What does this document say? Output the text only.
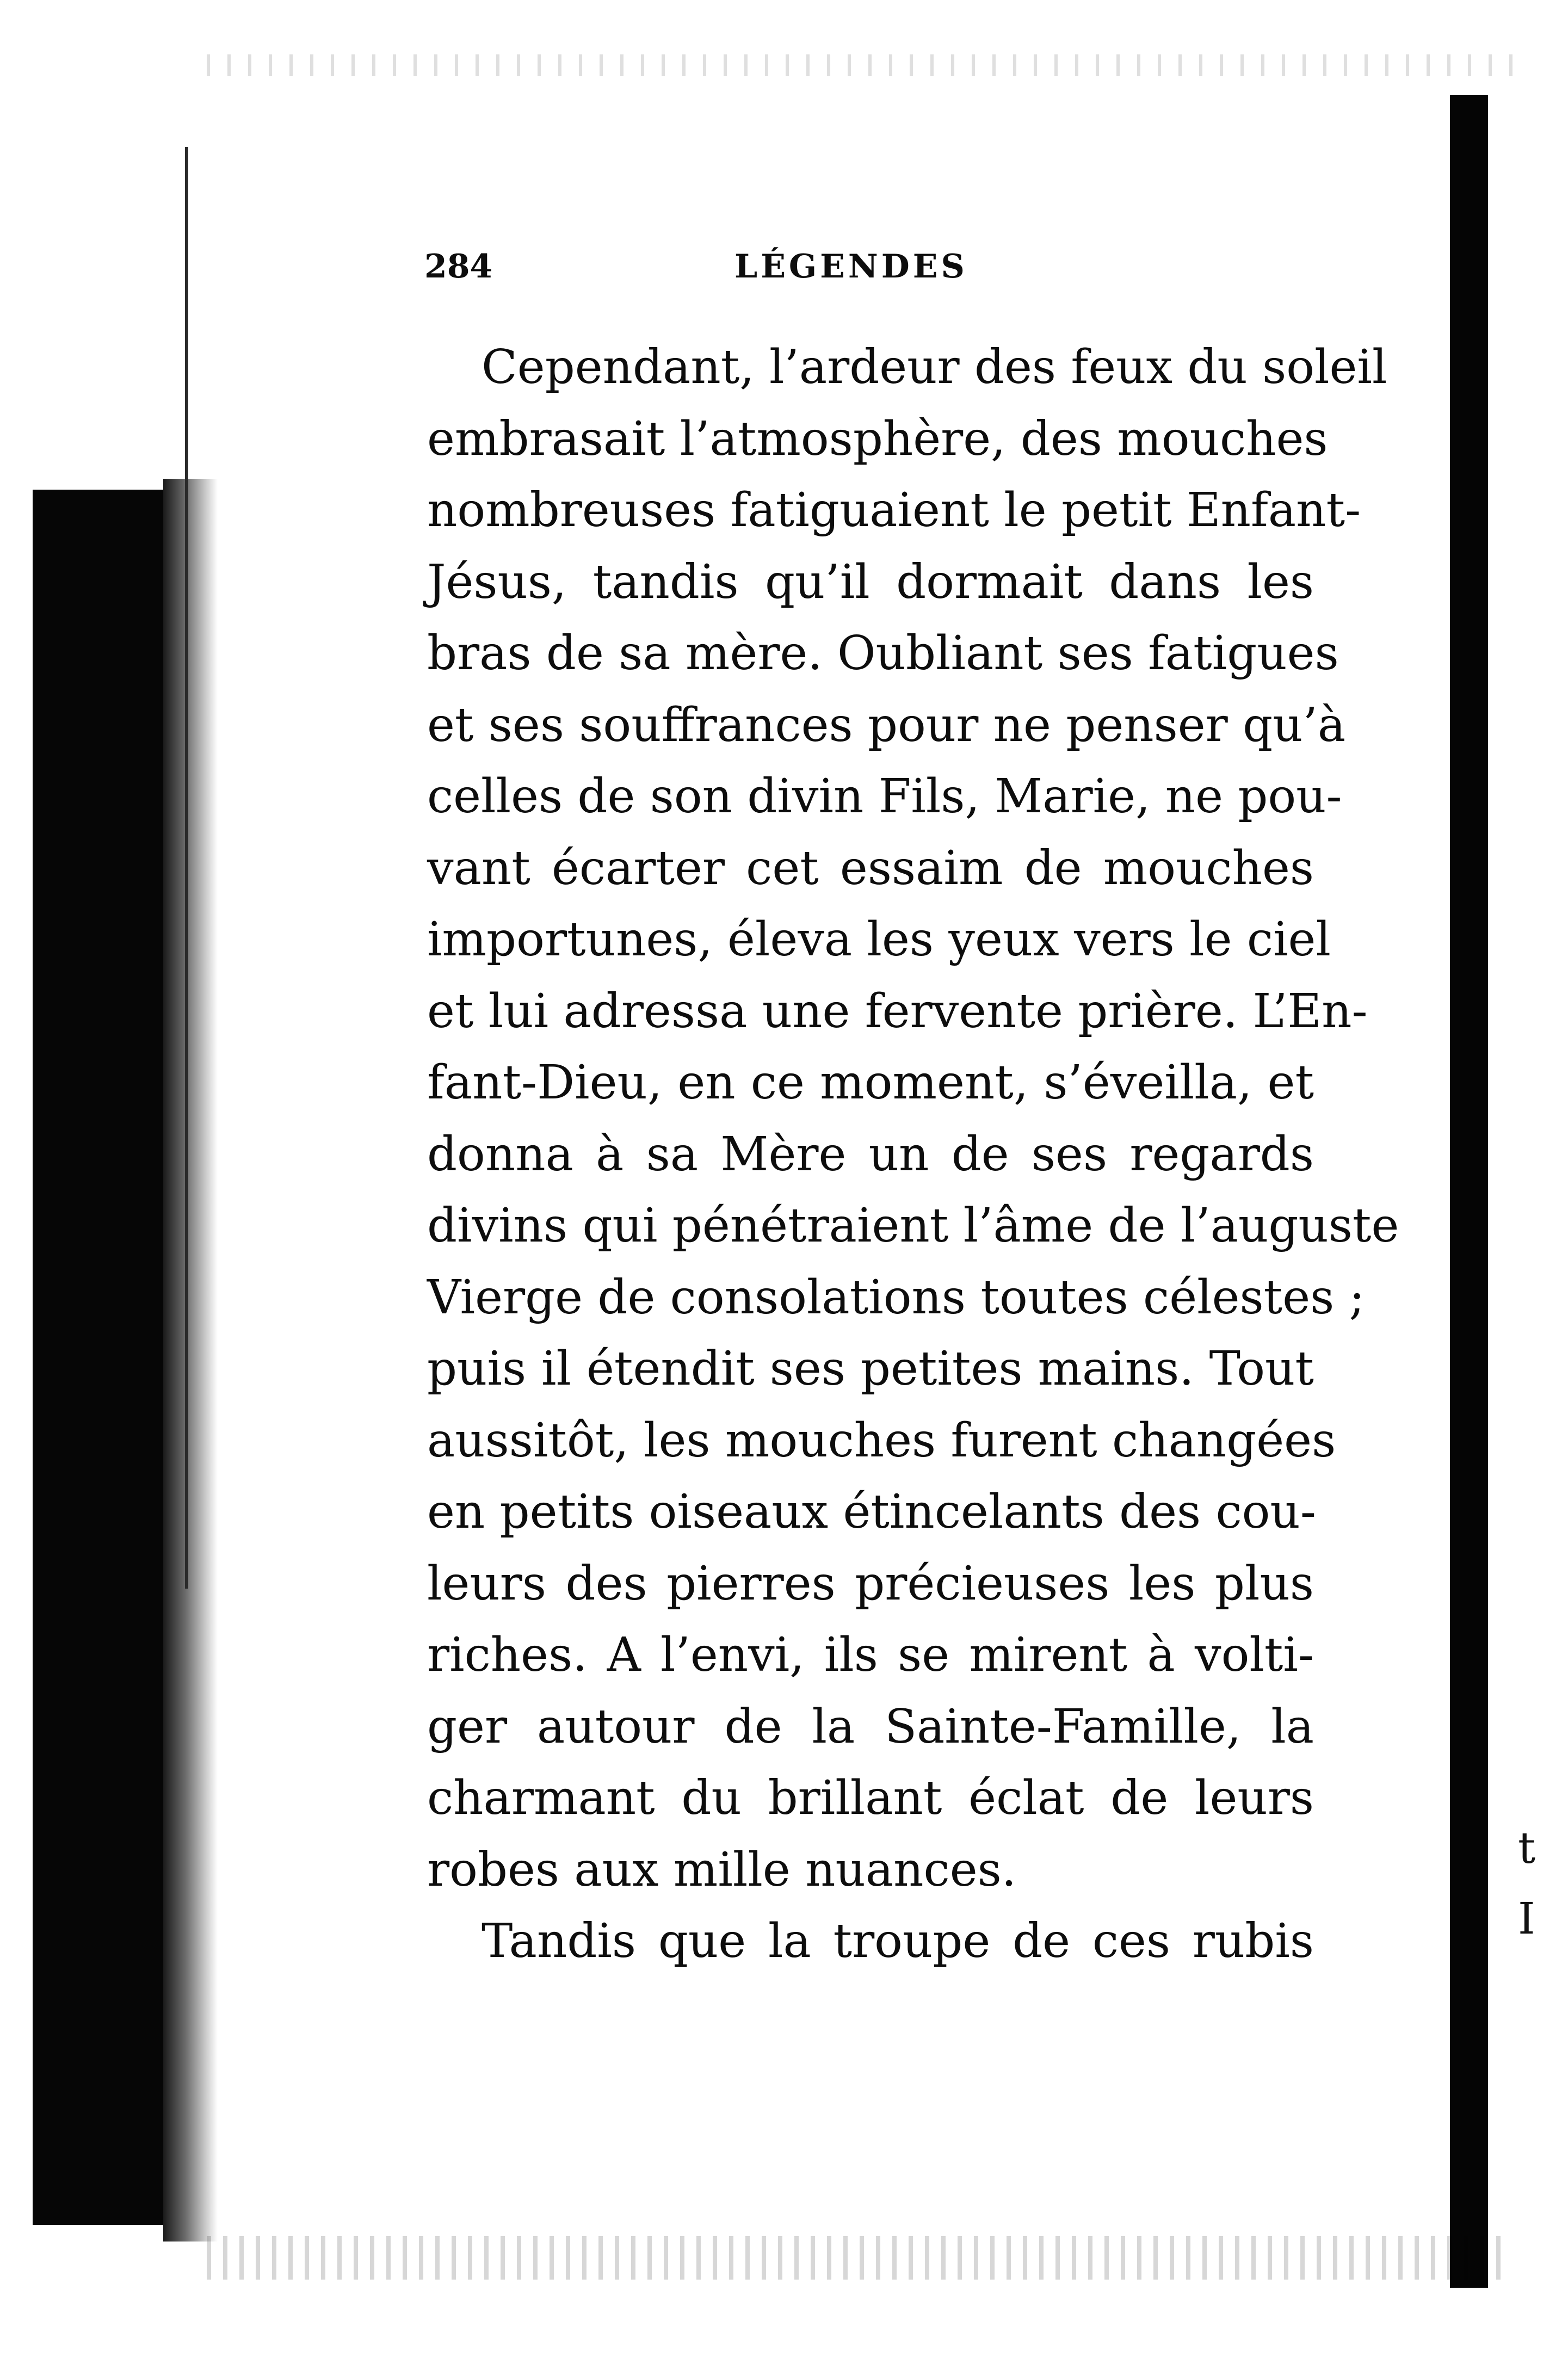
284	LÉGENDES
Cependant, l’ardeur des feux du soleil
embrasait l’atmosphère, des mouches
nombreuses fatiguaient le petit Enfant-
Jésus, tandis qu’il dormait dans les
bras de sa mère. Oubliant ses fatigues
et ses souffrances pour ne penser qu’à
celles de son divin Fils, Marie, ne pou-
vant écarter cet essaim de mouches
importunes, éleva les yeux vers le ciel
et lui adressa une fervente prière. L’En-
fant-Dieu, en ce moment, s’éveilla, et
donna à sa Mère un de ses regards
divins qui pénétraient l’âme de l’auguste
Vierge de consolations toutes célestes ;
puis il étendit ses petites mains. Tout
aussitôt, les mouches furent changées
en petits oiseaux étincelants des cou-
leurs des pierres précieuses les plus
riches. A l’envi, ils se mirent à volti-
ger autour de la Sainte-Famille, la
charmant du brillant éclat de leurs
robes aux mille nuances.
Tandis que la troupe de ces rubis
t
I
